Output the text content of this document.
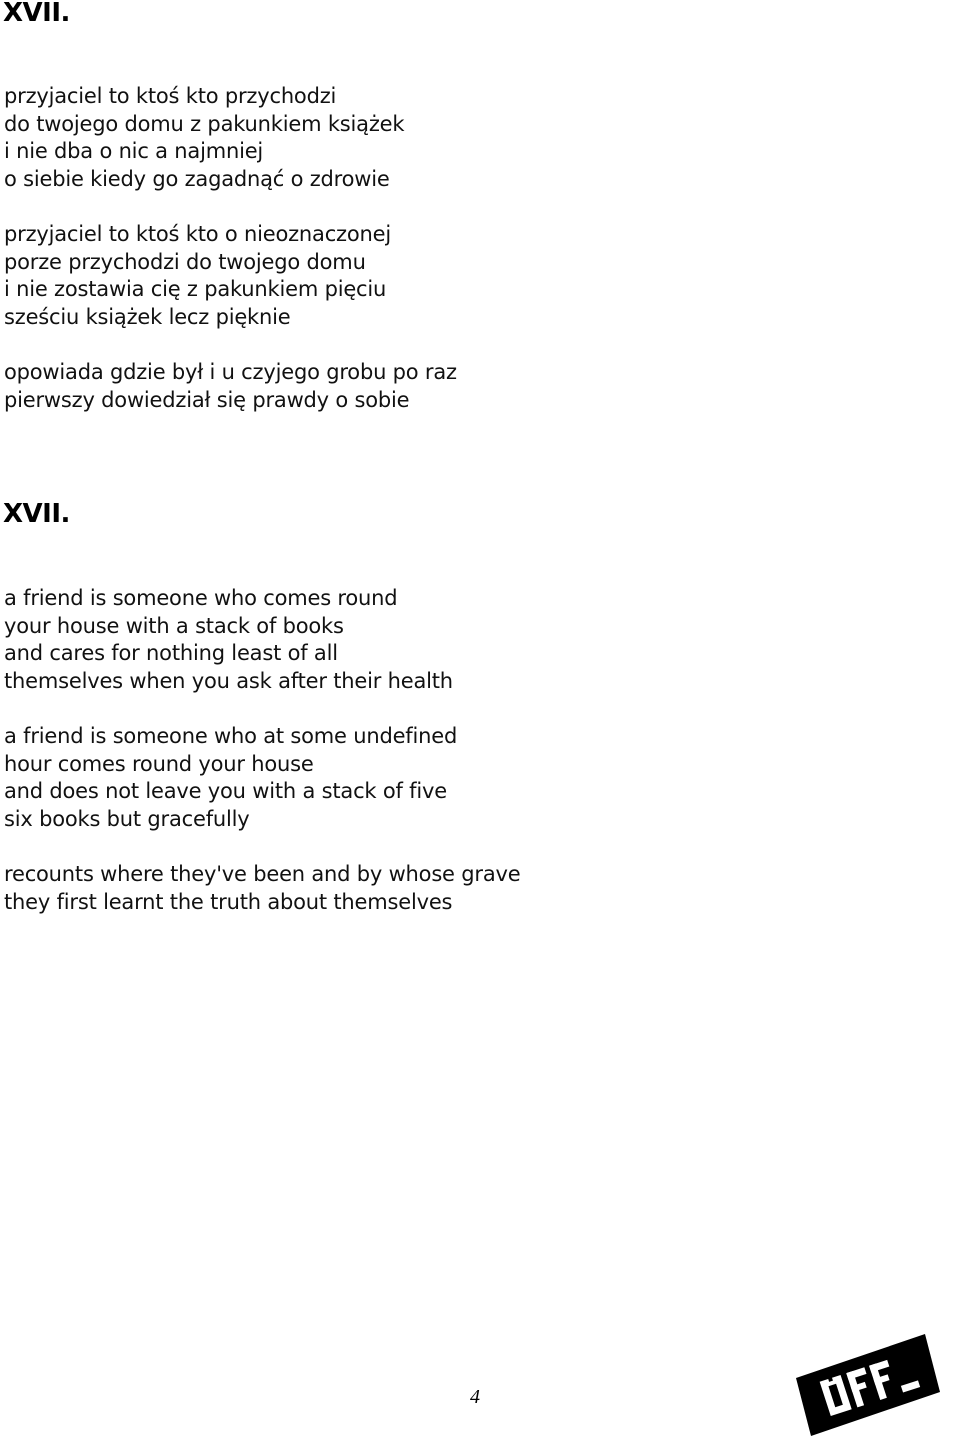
XVII.
przyjaciel to ktoś kto przychodzi
do twojego domu z pakunkiem książek
i nie dba o nic a najmniej
o siebie kiedy go zagadnąć o zdrowie
przyjaciel to ktoś kto o nieoznaczonej
porze przychodzi do twojego domu
i nie zostawia cię z pakunkiem pięciu
sześciu książek lecz pięknie
opowiada gdzie był i u czyjego grobu po raz
pierwszy dowiedział się prawdy o sobie
XVII.
a friend is someone who comes round
your house with a stack of books
and cares for nothing least of all
themselves when you ask after their health
a friend is someone who at some undefined
hour comes round your house
and does not leave you with a stack of five
six books but gracefully
recounts where they've been and by whose grave
they first learnt the truth about themselves
4
